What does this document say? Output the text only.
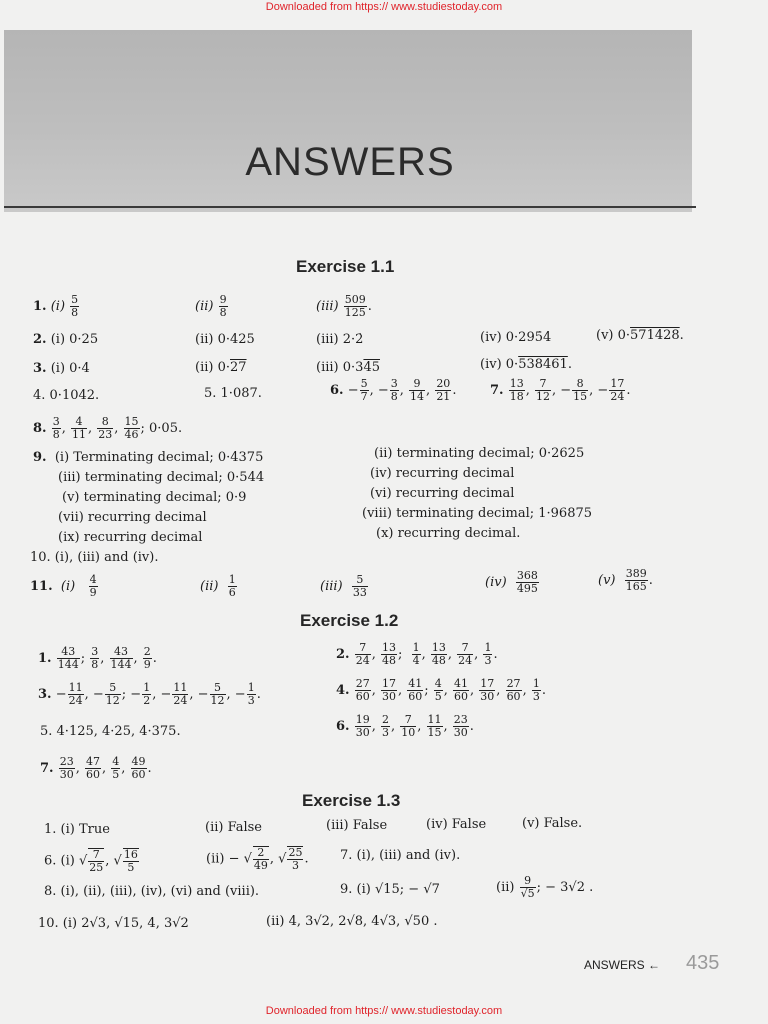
Downloaded from https:// www.studiestoday.com
ANSWERS
Exercise 1.1
1. $(i) \frac{5}{8}$	$(ii) \frac{9}{8}$	$(iii) \frac{509}{125}$ .
2. (i) 0·25	(ii) 0·425	(iii) 2·2̇	(iv) 0·295̇4̇	(v) 0·571428.
3. (i) 0·4̇	(ii) 0·27	(iii) 0·345	(iv) 0·538461.
4. 0·1042.	5. 1·087.	6. − $\frac{5}{7}$ , − $\frac{3}{8}$ , $\frac{9}{14}$ , $\frac{20}{21}$ .	7. $\frac{13}{18}$ , $\frac{7}{12}$ , − $\frac{8}{15}$ , − $\frac{17}{24}$ .
8. $\frac{3}{8}$ , $\frac{4}{11}$ , $\frac{8}{23}$ , $\frac{15}{46}$ ; 0·05.
9. (i) Terminating decimal; 0·4375	(ii) terminating decimal; 0·2625
(iii) terminating decimal; 0·544	(iv) recurring decimal
(v) terminating decimal; 0·9	(vi) recurring decimal
(vii) recurring decimal	(viii) terminating decimal; 1·96875
(ix) recurring decimal	(x) recurring decimal.
10. (i), (iii) and (iv).
11. $(i) \frac{4}{9}$	$(ii) \frac{1}{6}$	$(iii) \frac{5}{33}$	$(iv) \frac{368}{495}$	$(v) \frac{389}{165}$ .
Exercise 1.2
1. $\frac{43}{144}$ ; $\frac{3}{8}$ , $\frac{43}{144}$ , $\frac{2}{9}$ .	2. $\frac{7}{24}$ , $\frac{13}{48}$ ; $\frac{1}{4}$ , $\frac{13}{48}$ , $\frac{7}{24}$ , $\frac{1}{3}$ .
3. − $\frac{11}{24}$ , − $\frac{5}{12}$ ; − $\frac{1}{2}$ , − $\frac{11}{24}$ , − $\frac{5}{12}$ , − $\frac{1}{3}$ .	4. $\frac{27}{60}$ , $\frac{17}{30}$ , $\frac{41}{60}$ ; $\frac{4}{5}$ , $\frac{41}{60}$ , $\frac{17}{30}$ , $\frac{27}{60}$ , $\frac{1}{3}$ .
5. 4·125, 4·25, 4·375.	6. $\frac{19}{30}$ , $\frac{2}{3}$ , $\frac{7}{10}$ , $\frac{11}{15}$ , $\frac{23}{30}$ .
7. $\frac{23}{30}$ , $\frac{47}{60}$ , $\frac{4}{5}$ , $\frac{49}{60}$ .
Exercise 1.3
1. (i) True	(ii) False	(iii) False	(iv) False	(v) False.
6. (i) √ $\frac{7}{25}$ , √ $\frac{16}{5}$	(ii) − √ $\frac{2}{49}$ , √ $\frac{25}{3}$ . 7. (i), (iii) and (iv).
8. (i), (ii), (iii), (iv), (vi) and (viii).	9. (i) √15; − √7	$(ii) \frac{9}{√5}$ ; − 3√2 .
10. (i) 2√3, √15, 4, 3√2	(ii) 4, 3√2, 2√8, 4√3, √50 .
ANSWERS ← 435
Downloaded from https:// www.studiestoday.com
